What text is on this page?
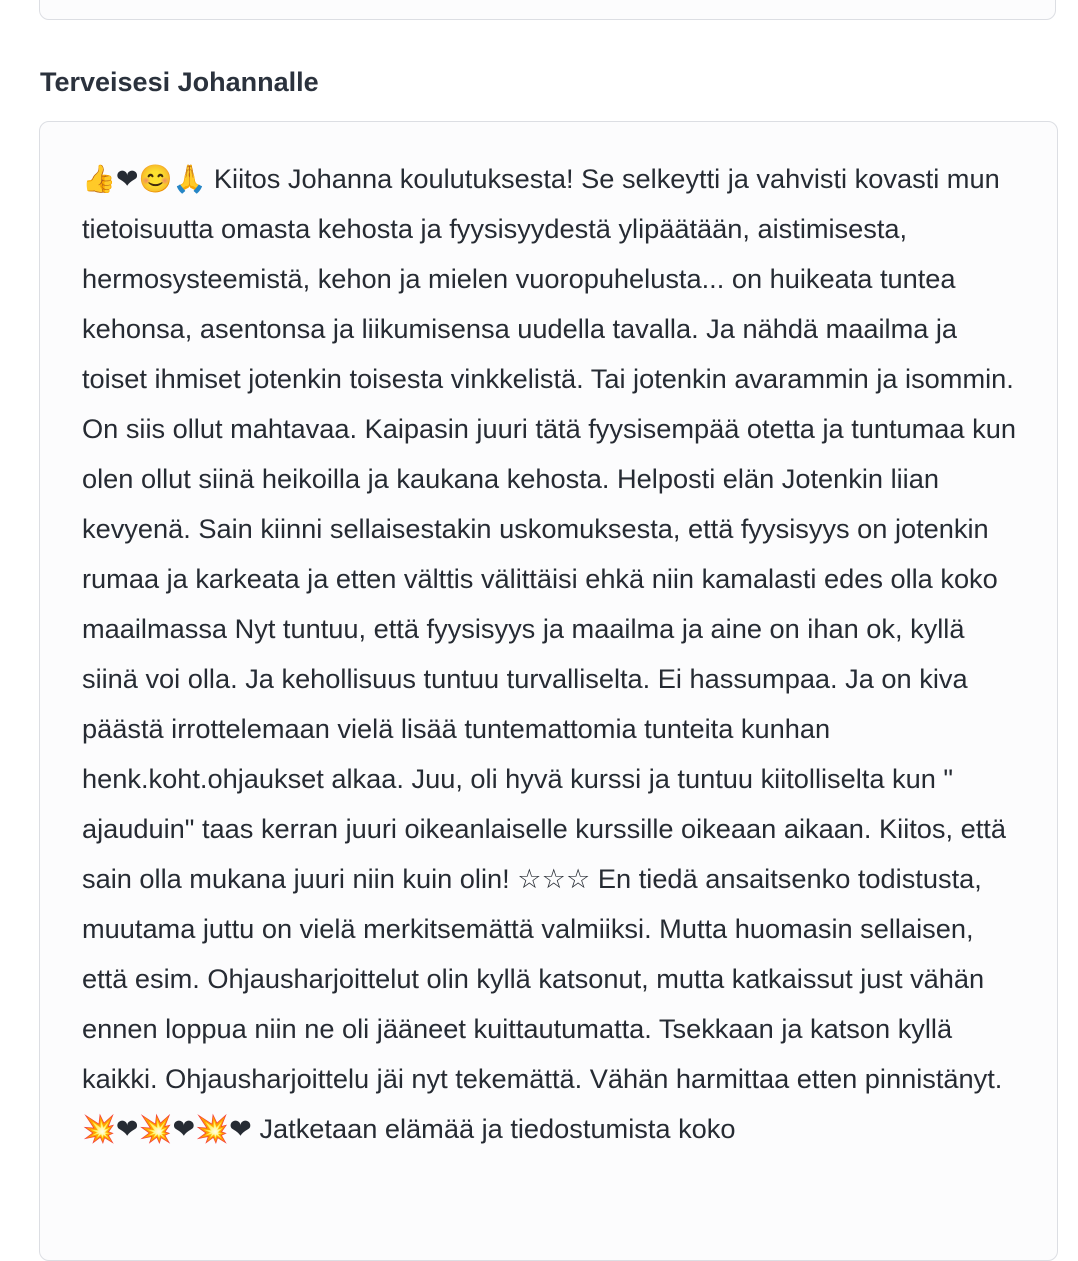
Terveisesi Johannalle

👍❤😊🙏 Kiitos Johanna koulutuksesta! Se selkeytti ja vahvisti kovasti mun tietoisuutta omasta kehosta ja fyysisyydestä ylipäätään, aistimisesta, hermosysteemistä, kehon ja mielen vuoropuhelusta... on huikeata tuntea kehonsa, asentonsa ja liikumisensa uudella tavalla. Ja nähdä maailma ja toiset ihmiset jotenkin toisesta vinkkelistä. Tai jotenkin avarammin ja isommin. On siis ollut mahtavaa. Kaipasin juuri tätä fyysisempää otetta ja tuntumaa kun olen ollut siinä heikoilla ja kaukana kehosta. Helposti elän Jotenkin liian kevyenä. Sain kiinni sellaisestakin uskomuksesta, että fyysisyys on jotenkin rumaa ja karkeata ja etten välttis välittäisi ehkä niin kamalasti edes olla koko maailmassa Nyt tuntuu, että fyysisyys ja maailma ja aine on ihan ok, kyllä siinä voi olla. Ja kehollisuus tuntuu turvalliselta. Ei hassumpaa. Ja on kiva päästä irrottelemaan vielä lisää tuntemattomia tunteita kunhan henk.koht.ohjaukset alkaa. Juu, oli hyvä kurssi ja tuntuu kiitolliselta kun " ajauduin" taas kerran juuri oikeanlaiselle kurssille oikeaan aikaan. Kiitos, että sain olla mukana juuri niin kuin olin! ☆☆☆ En tiedä ansaitsenko todistusta, muutama juttu on vielä merkitsemättä valmiiksi. Mutta huomasin sellaisen, että esim. Ohjausharjoittelut olin kyllä katsonut, mutta katkaissut just vähän ennen loppua niin ne oli jääneet kuittautumatta. Tsekkaan ja katson kyllä kaikki. Ohjausharjoittelu jäi nyt tekemättä. Vähän harmittaa etten pinnistänyt. 💥❤💥❤💥❤ Jatketaan elämää ja tiedostumista koko
